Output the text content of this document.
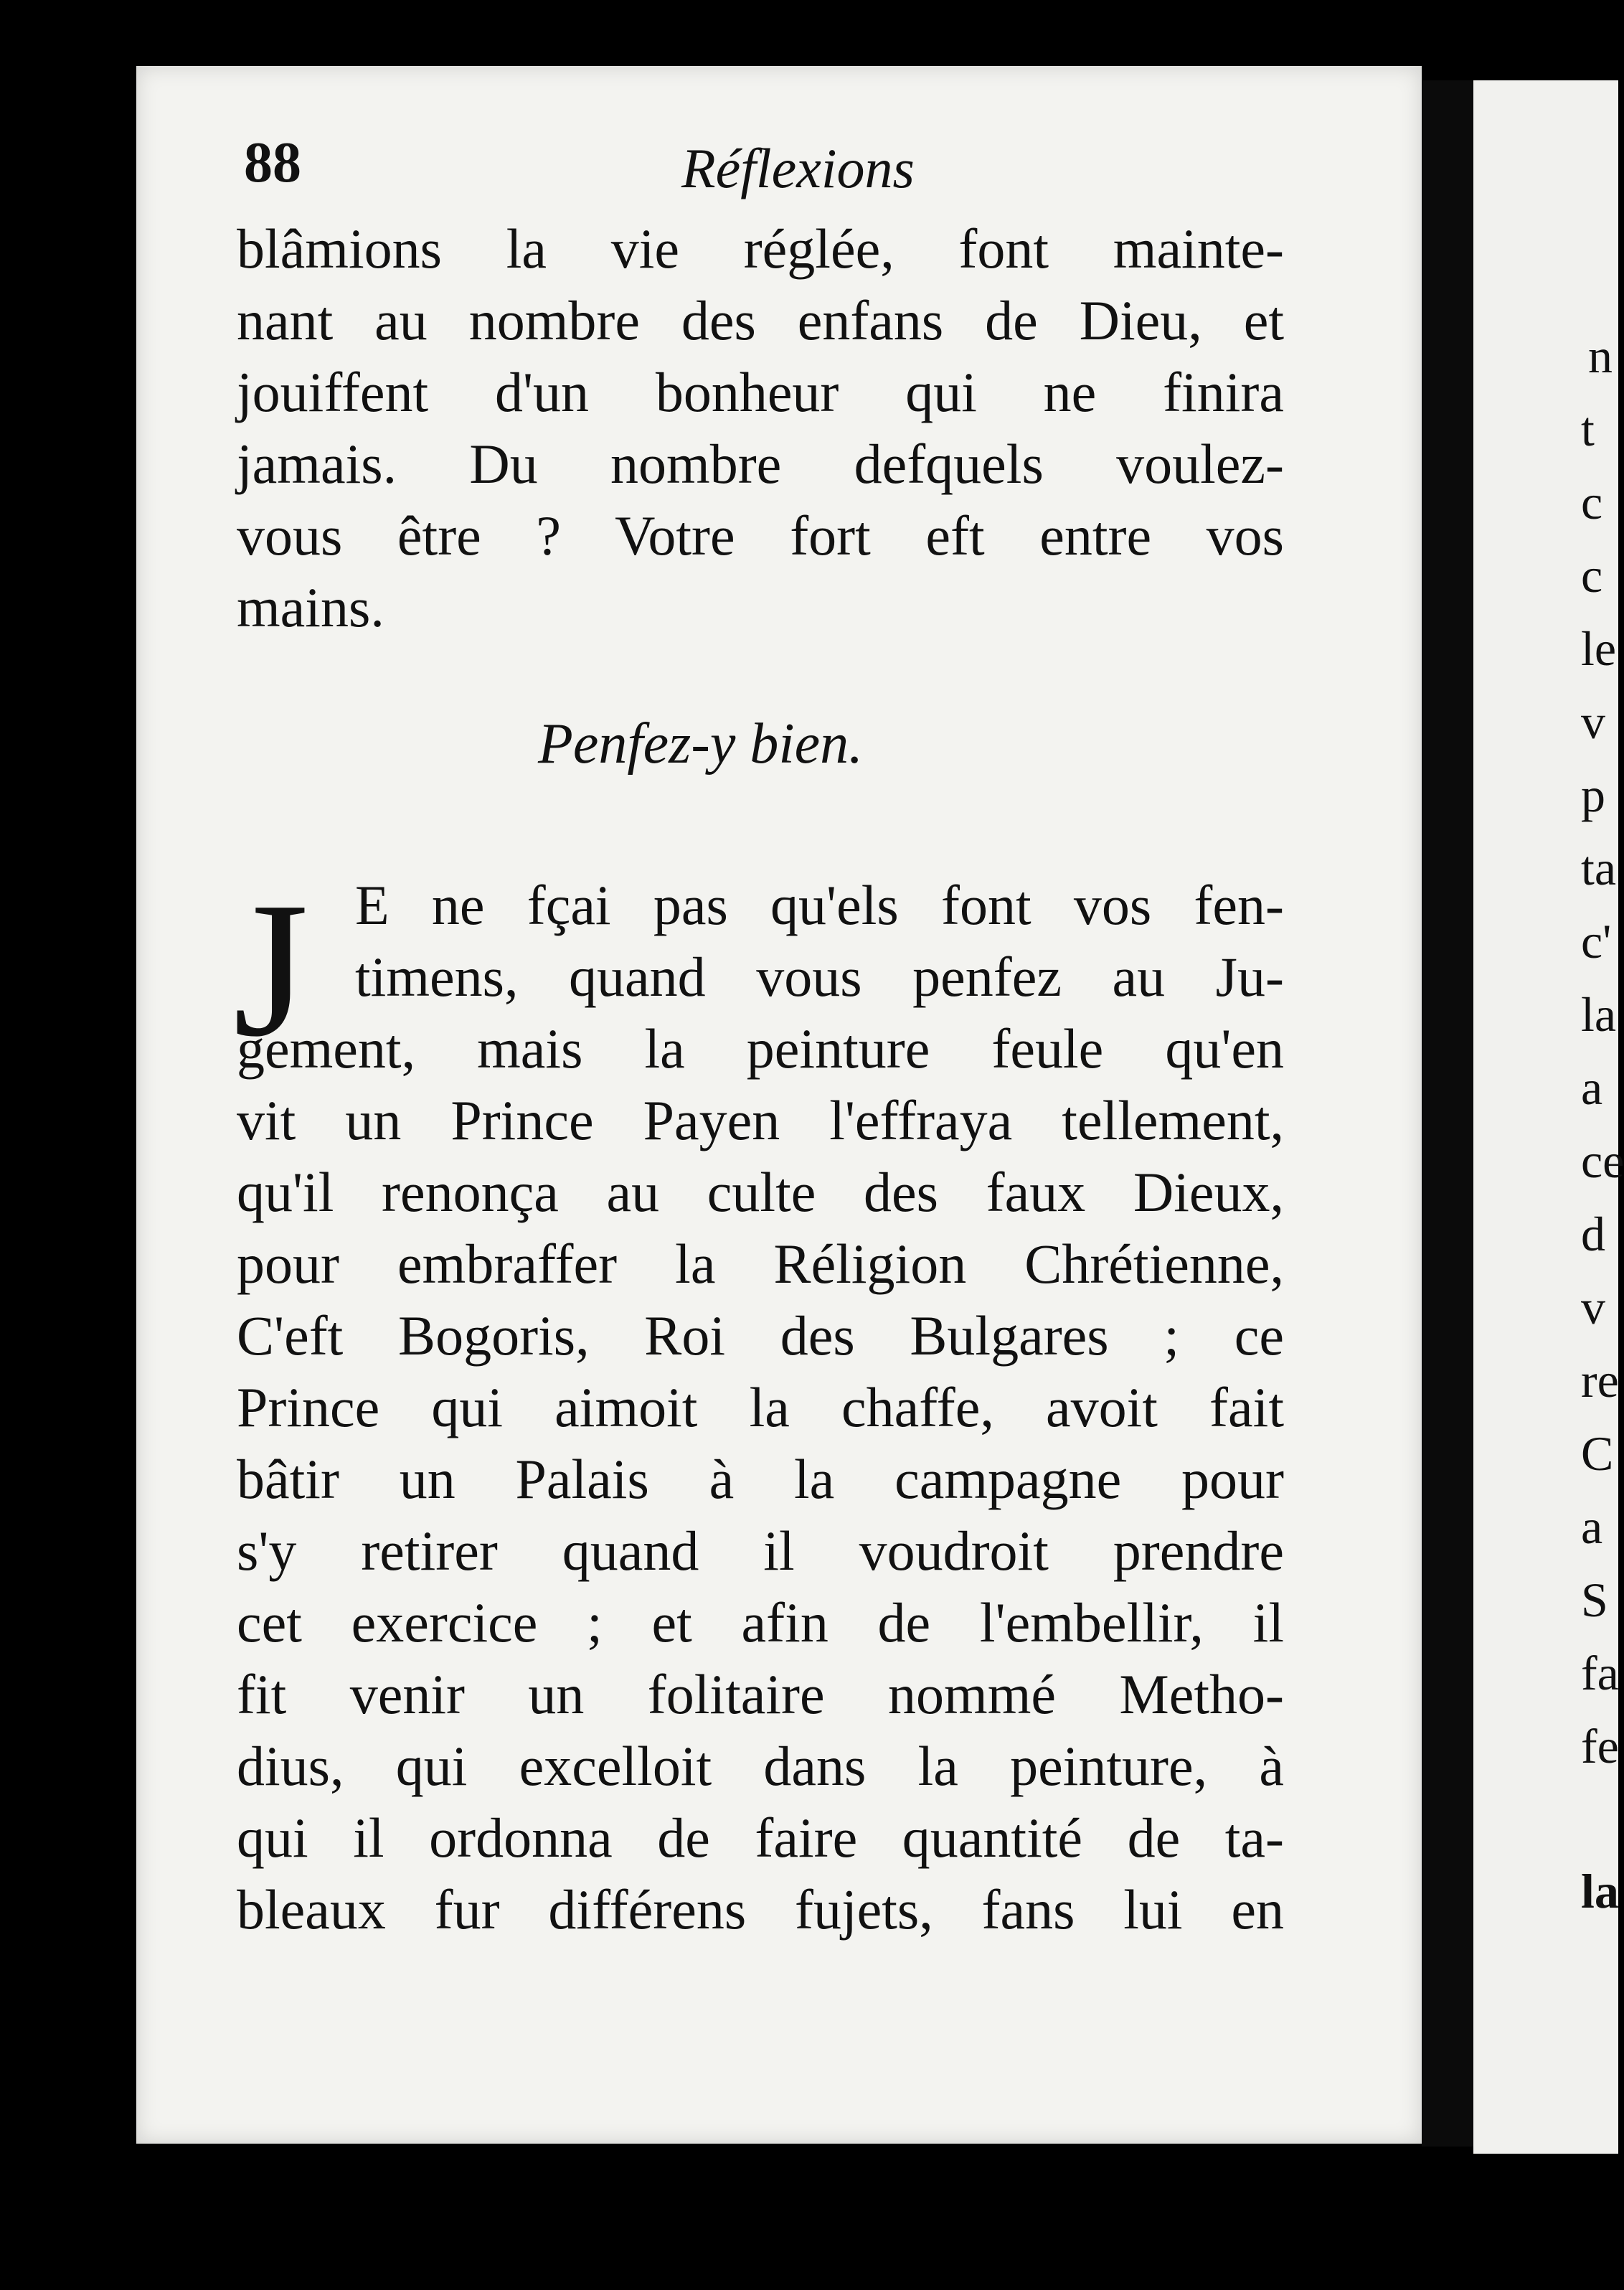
88	Réflexions
blâmions la vie réglée, font mainte-
nant au nombre des enfans de Dieu, et
jouiffent d'un bonheur qui ne finira
jamais. Du nombre defquels voulez-
vous être ? Votre fort eft entre vos
mains.
Penfez-y bien.
J E ne fçai pas qu'els font vos fen-
timens, quand vous penfez au Ju-
gement, mais la peinture feule qu'en
vit un Prince Payen l'effraya tellement,
qu'il renonça au culte des faux Dieux,
pour embraffer la Réligion Chrétienne,
C'eft Bogoris, Roi des Bulgares ; ce
Prince qui aimoit la chaffe, avoit fait
bâtir un Palais à la campagne pour
s'y retirer quand il voudroit prendre
cet exercice ; et afin de l'embellir, il
fit venir un folitaire nommé Metho-
dius, qui excelloit dans la peinture, à
qui il ordonna de faire quantité de ta-
bleaux fur différens fujets, fans lui en
n
t
c
c
le
v
p
ta
c'
la
a
ce
d
v
re
C
a
S
fa
fe
la
